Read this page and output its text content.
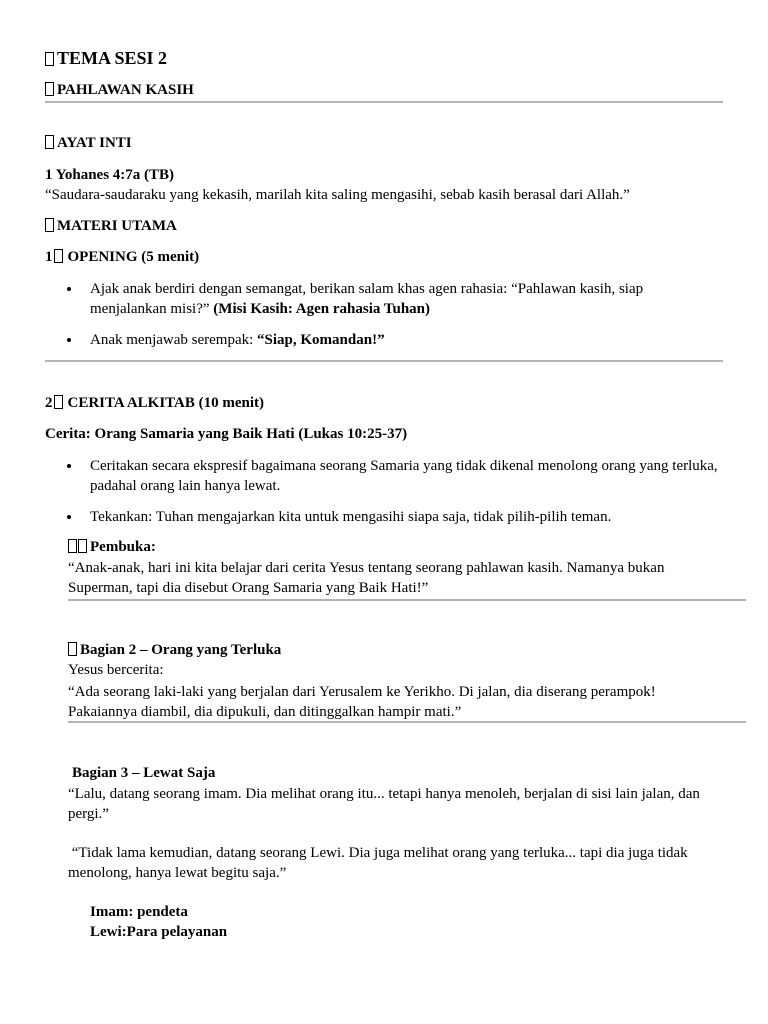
TEMA SESI 2
PAHLAWAN KASIH
AYAT INTI
1 Yohanes 4:7a (TB)
“Saudara-saudaraku yang kekasih, marilah kita saling mengasihi, sebab kasih berasal dari Allah.”
MATERI UTAMA
1 OPENING (5 menit)
Ajak anak berdiri dengan semangat, berikan salam khas agen rahasia: “Pahlawan kasih, siap
menjalankan misi?” (Misi Kasih: Agen rahasia Tuhan)
Anak menjawab serempak: “Siap, Komandan!”
2 CERITA ALKITAB (10 menit)
Cerita: Orang Samaria yang Baik Hati (Lukas 10:25-37)
Ceritakan secara ekspresif bagaimana seorang Samaria yang tidak dikenal menolong orang yang terluka,
padahal orang lain hanya lewat.
Tekankan: Tuhan mengajarkan kita untuk mengasihi siapa saja, tidak pilih-pilih teman.
Pembuka:
“Anak-anak, hari ini kita belajar dari cerita Yesus tentang seorang pahlawan kasih. Namanya bukan
Superman, tapi dia disebut Orang Samaria yang Baik Hati!”
Bagian 2 – Orang yang Terluka
Yesus bercerita:
“Ada seorang laki-laki yang berjalan dari Yerusalem ke Yerikho. Di jalan, dia diserang perampok!
Pakaiannya diambil, dia dipukuli, dan ditinggalkan hampir mati.”
Bagian 3 – Lewat Saja
“Lalu, datang seorang imam. Dia melihat orang itu... tetapi hanya menoleh, berjalan di sisi lain jalan, dan
pergi.”
“Tidak lama kemudian, datang seorang Lewi. Dia juga melihat orang yang terluka... tapi dia juga tidak
menolong, hanya lewat begitu saja.”
Imam: pendeta
Lewi:Para pelayanan
